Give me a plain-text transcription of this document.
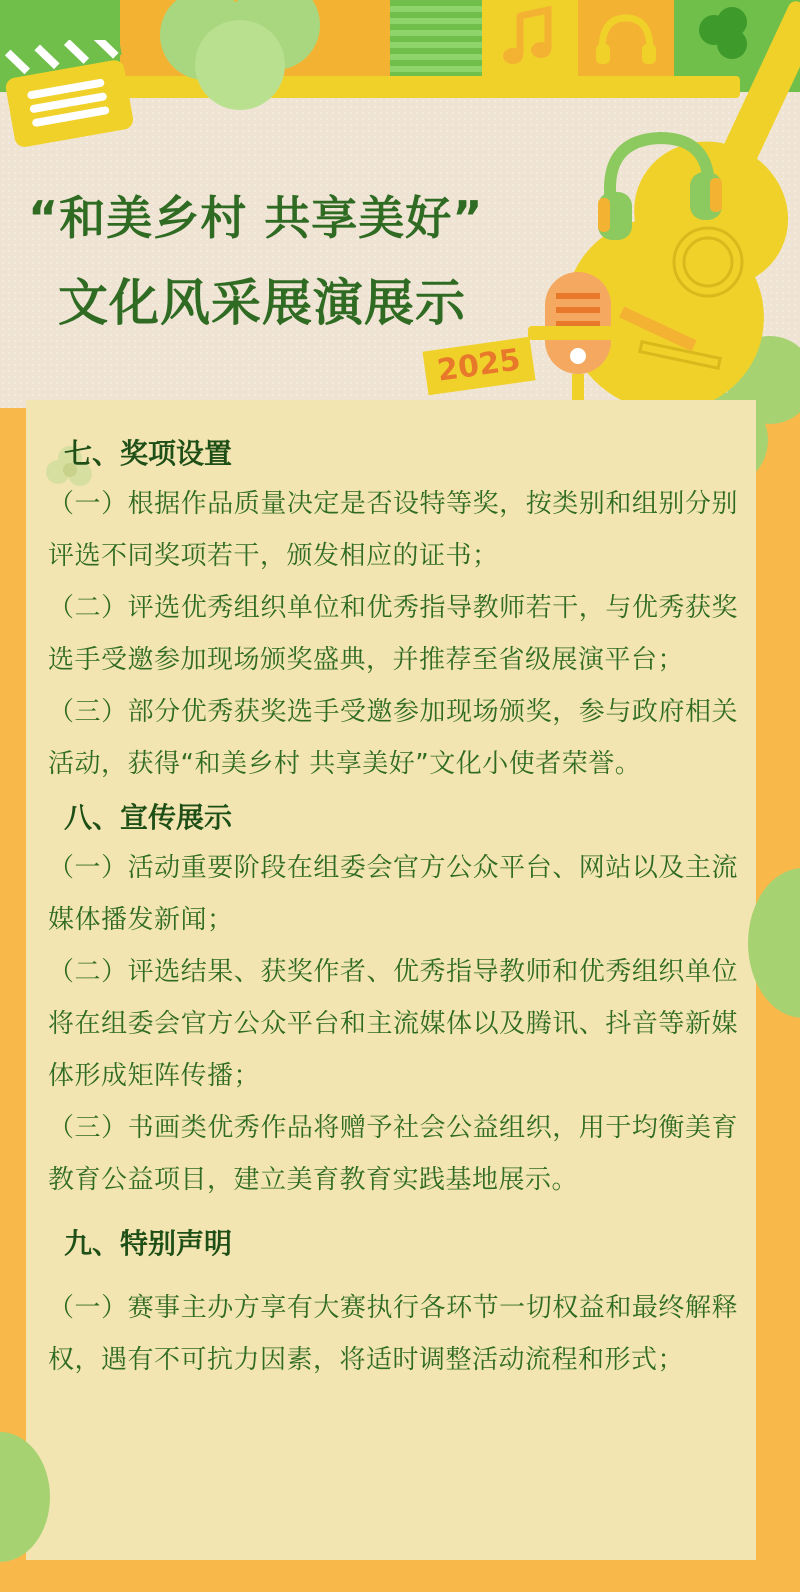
“和美乡村 共享美好”
文化风采展演展示
2025
七、奖项设置
（一）根据作品质量决定是否设特等奖，按类别和组别分别评选不同奖项若干，颁发相应的证书；
（二）评选优秀组织单位和优秀指导教师若干，与优秀获奖选手受邀参加现场颁奖盛典，并推荐至省级展演平台；
（三）部分优秀获奖选手受邀参加现场颁奖，参与政府相关活动，获得“和美乡村 共享美好”文化小使者荣誉。
八、宣传展示
（一）活动重要阶段在组委会官方公众平台、网站以及主流媒体播发新闻；
（二）评选结果、获奖作者、优秀指导教师和优秀组织单位将在组委会官方公众平台和主流媒体以及腾讯、抖音等新媒体形成矩阵传播；
（三）书画类优秀作品将赠予社会公益组织，用于均衡美育教育公益项目，建立美育教育实践基地展示。
九、特别声明
（一）赛事主办方享有大赛执行各环节一切权益和最终解释权，遇有不可抗力因素，将适时调整活动流程和形式；
